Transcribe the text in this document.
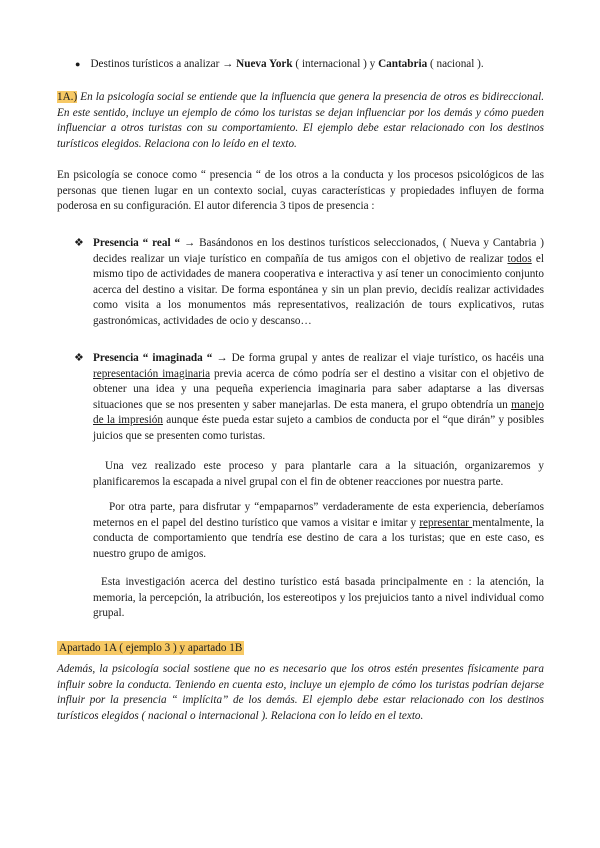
● Destinos turísticos a analizar → Nueva York ( internacional ) y Cantabria ( nacional ).
1A.) En la psicología social se entiende que la influencia que genera la presencia de otros es bidireccional. En este sentido, incluye un ejemplo de cómo los turistas se dejan influenciar por los demás y cómo pueden influenciar a otros turistas con su comportamiento. El ejemplo debe estar relacionado con los destinos turísticos elegidos. Relaciona con lo leído en el texto.
En psicología se conoce como “ presencia “ de los otros a la conducta y los procesos psicológicos de las personas que tienen lugar en un contexto social, cuyas características y propiedades influyen de forma poderosa en su configuración. El autor diferencia 3 tipos de presencia :
❖ Presencia “ real “ → Basándonos en los destinos turísticos seleccionados, ( Nueva y Cantabria ) decides realizar un viaje turístico en compañía de tus amigos con el objetivo de realizar todos el mismo tipo de actividades de manera cooperativa e interactiva y así tener un conocimiento conjunto acerca del destino a visitar. De forma espontánea y sin un plan previo, decidís realizar actividades como visita a los monumentos más representativos, realización de tours explicativos, rutas gastronómicas, actividades de ocio y descanso…
❖ Presencia “ imaginada “ → De forma grupal y antes de realizar el viaje turístico, os hacéis una representación imaginaria previa acerca de cómo podría ser el destino a visitar con el objetivo de obtener una idea y una pequeña experiencia imaginaria para saber adaptarse a las diversas situaciones que se nos presenten y saber manejarlas. De esta manera, el grupo obtendría un manejo de la impresión aunque éste pueda estar sujeto a cambios de conducta por el “que dirán” y posibles juicios que se presenten como turistas.
Una vez realizado este proceso y para plantarle cara a la situación, organizaremos y planificaremos la escapada a nivel grupal con el fin de obtener reacciones por nuestra parte.
Por otra parte, para disfrutar y “empaparnos” verdaderamente de esta experiencia, deberíamos meternos en el papel del destino turístico que vamos a visitar e imitar y representar mentalmente, la conducta de comportamiento que tendría ese destino de cara a los turistas; que en este caso, es nuestro grupo de amigos.
Esta investigación acerca del destino turístico está basada principalmente en : la atención, la memoria, la percepción, la atribución, los estereotipos y los prejuicios tanto a nivel individual como grupal.
Apartado 1A ( ejemplo 3 ) y apartado 1B
Además, la psicología social sostiene que no es necesario que los otros estén presentes físicamente para influir sobre la conducta. Teniendo en cuenta esto, incluye un ejemplo de cómo los turistas podrían dejarse influir por la presencia “ implícita” de los demás. El ejemplo debe estar relacionado con los destinos turísticos elegidos ( nacional o internacional ). Relaciona con lo leído en el texto.
